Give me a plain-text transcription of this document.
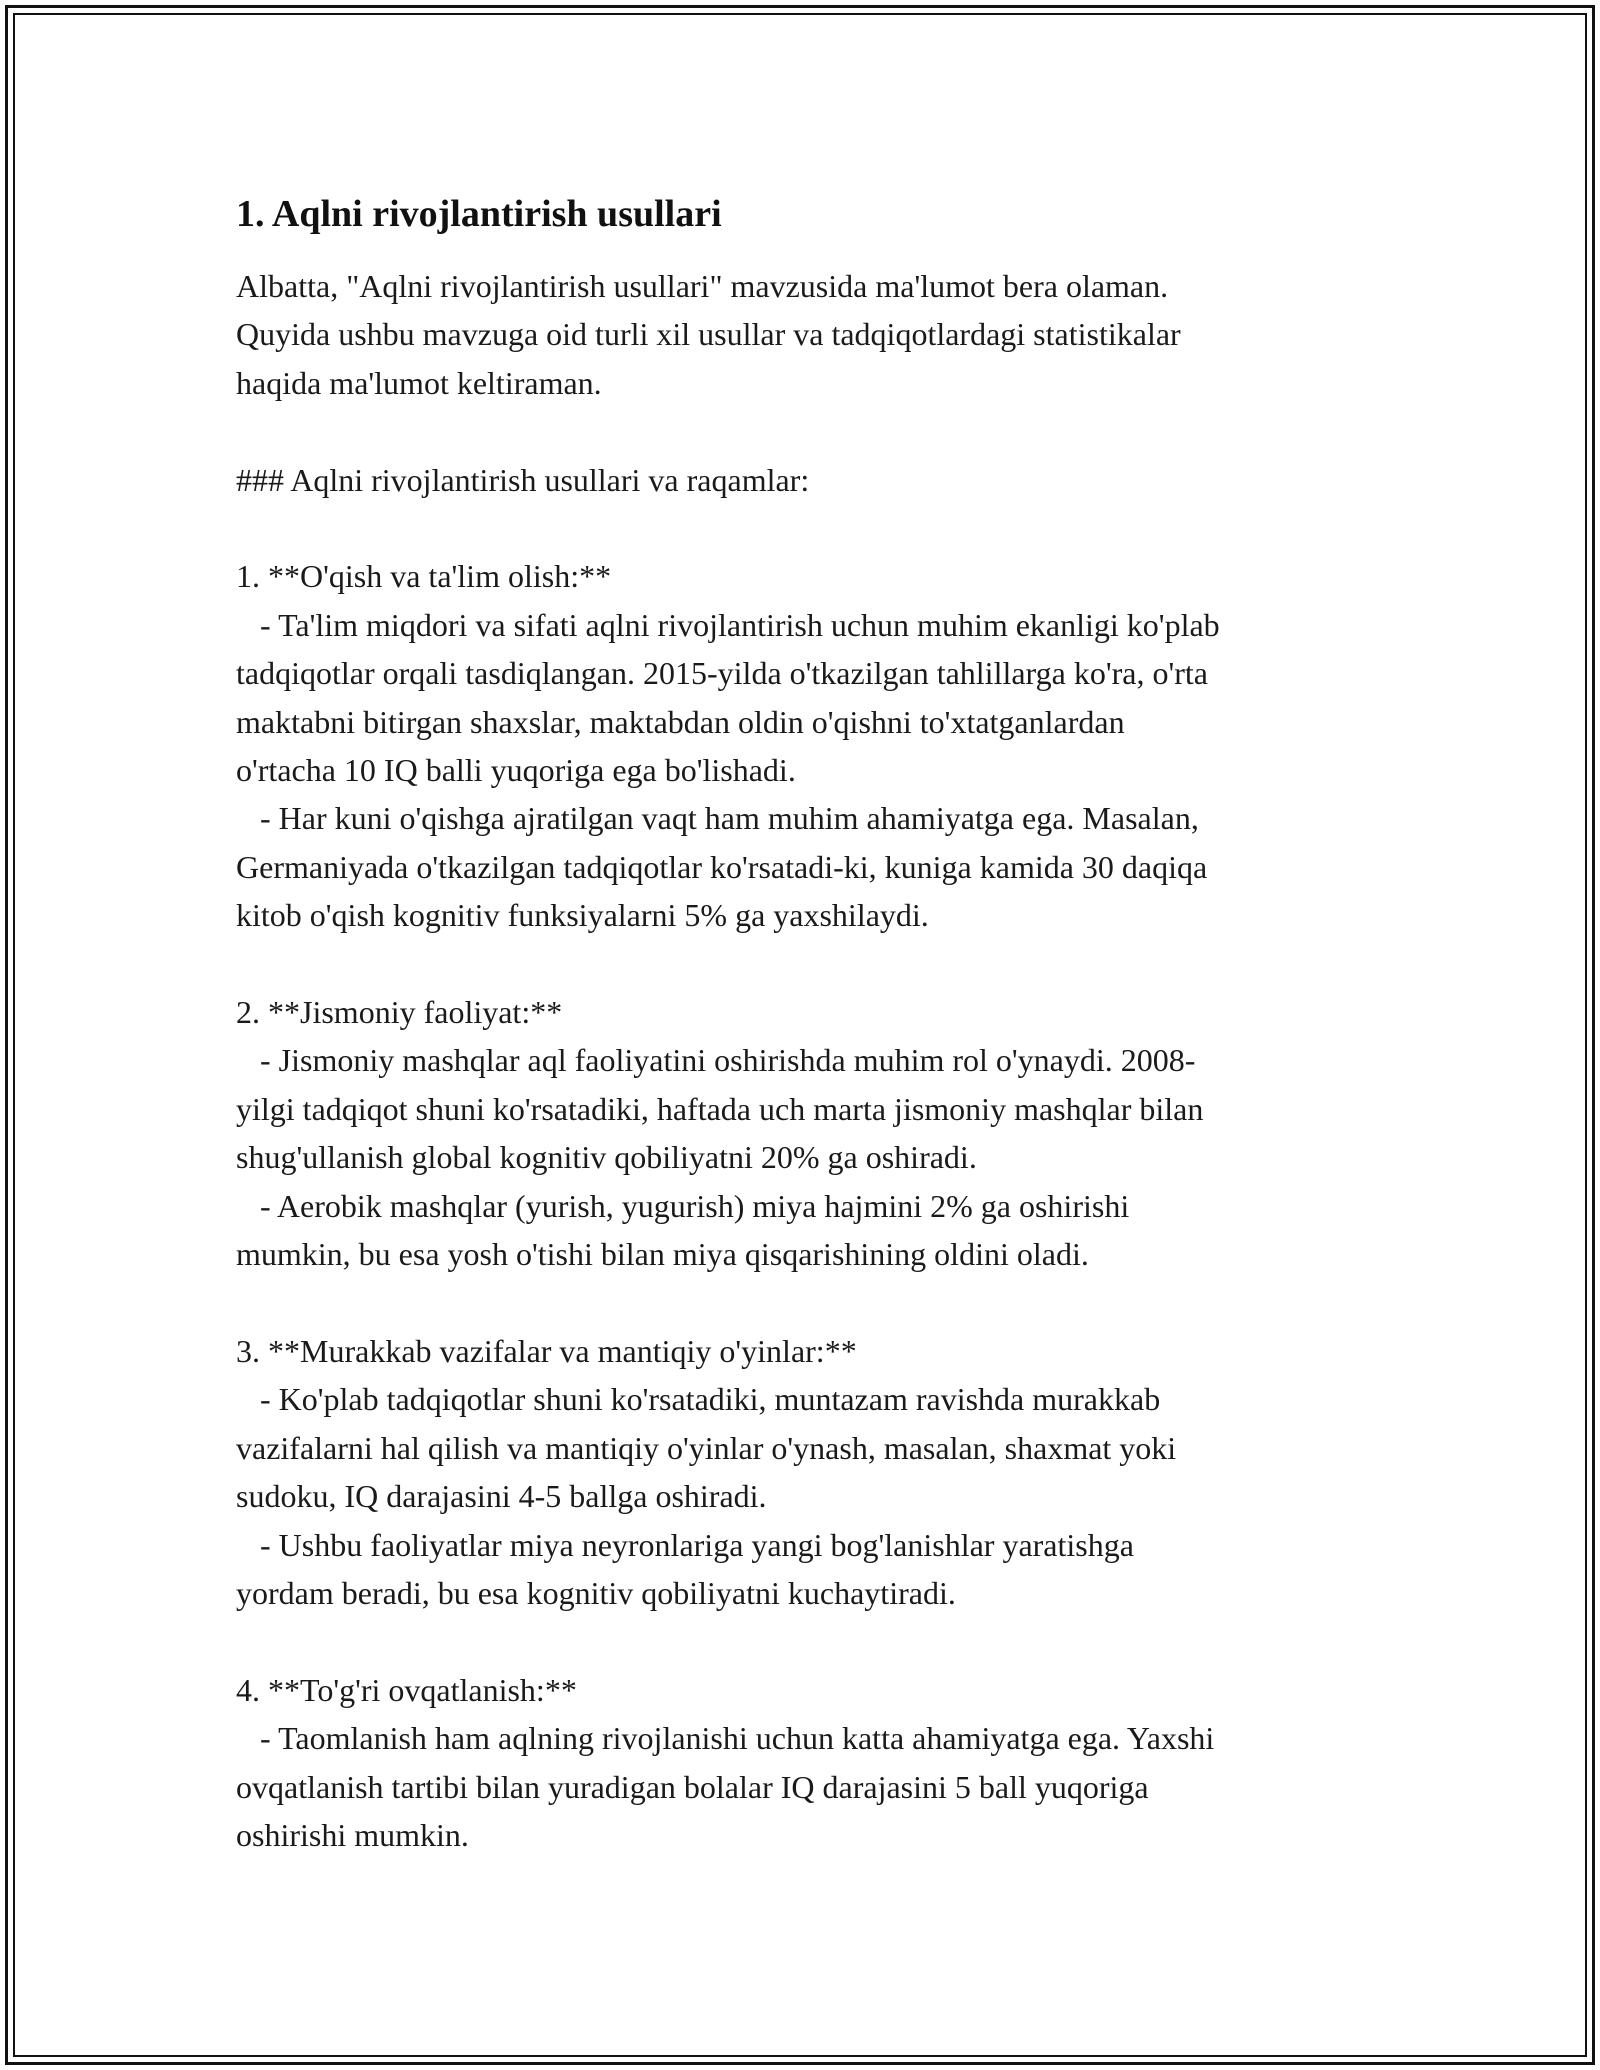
1. Aqlni rivojlantirish usullari

Albatta, "Aqlni rivojlantirish usullari" mavzusida ma'lumot bera olaman.
Quyida ushbu mavzuga oid turli xil usullar va tadqiqotlardagi statistikalar
haqida ma'lumot keltiraman.

### Aqlni rivojlantirish usullari va raqamlar:

1. **O'qish va ta'lim olish:**

- Ta'lim miqdori va sifati aqlni rivojlantirish uchun muhim ekanligi ko'plab
tadqiqotlar orqali tasdiqlangan. 2015-yilda o'tkazilgan tahlillarga ko'ra, o'rta
maktabni bitirgan shaxslar, maktabdan oldin o'qishni to'xtatganlardan
o'rtacha 10 IQ balli yuqoriga ega bo'lishadi.
- Har kuni o'qishga ajratilgan vaqt ham muhim ahamiyatga ega. Masalan,
Germaniyada o'tkazilgan tadqiqotlar ko'rsatadi-ki, kuniga kamida 30 daqiqa
kitob o'qish kognitiv funksiyalarni 5% ga yaxshilaydi.

2. **Jismoniy faoliyat:**

- Jismoniy mashqlar aql faoliyatini oshirishda muhim rol o'ynaydi. 2008-
yilgi tadqiqot shuni ko'rsatadiki, haftada uch marta jismoniy mashqlar bilan
shug'ullanish global kognitiv qobiliyatni 20% ga oshiradi.
- Aerobik mashqlar (yurish, yugurish) miya hajmini 2% ga oshirishi
mumkin, bu esa yosh o'tishi bilan miya qisqarishining oldini oladi.

3. **Murakkab vazifalar va mantiqiy o'yinlar:**

- Ko'plab tadqiqotlar shuni ko'rsatadiki, muntazam ravishda murakkab
vazifalarni hal qilish va mantiqiy o'yinlar o'ynash, masalan, shaxmat yoki
sudoku, IQ darajasini 4-5 ballga oshiradi.
- Ushbu faoliyatlar miya neyronlariga yangi bog'lanishlar yaratishga
yordam beradi, bu esa kognitiv qobiliyatni kuchaytiradi.

4. **To'g'ri ovqatlanish:**

- Taomlanish ham aqlning rivojlanishi uchun katta ahamiyatga ega. Yaxshi
ovqatlanish tartibi bilan yuradigan bolalar IQ darajasini 5 ball yuqoriga
oshirishi mumkin.
